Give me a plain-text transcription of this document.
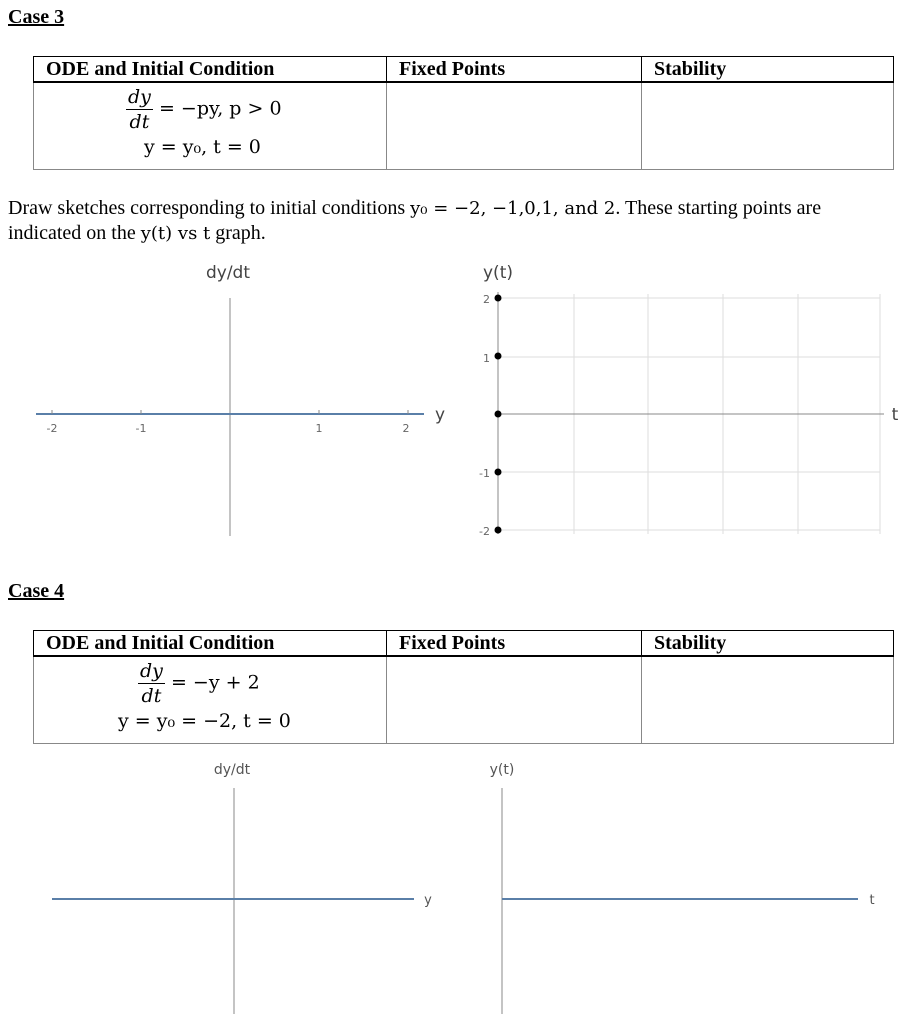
Case 3
ODE and Initial Condition	Fixed Points	Stability

$\frac{dy}{dt} = -py$, p > 0
y = y₀, t = 0		

Draw sketches corresponding to initial conditions y₀ = −2, −1,0,1, and 2. These starting points are
indicated on the y(t) vs t graph.
dy/dt
-2	-1	1	2
y
y(t)
2
1
-1
-2
t
Case 4
ODE and Initial Condition	Fixed Points	Stability

$\frac{dy}{dt} = -y + 2$
y = y₀ = −2, t = 0		

dy/dt
y
y(t)
t
